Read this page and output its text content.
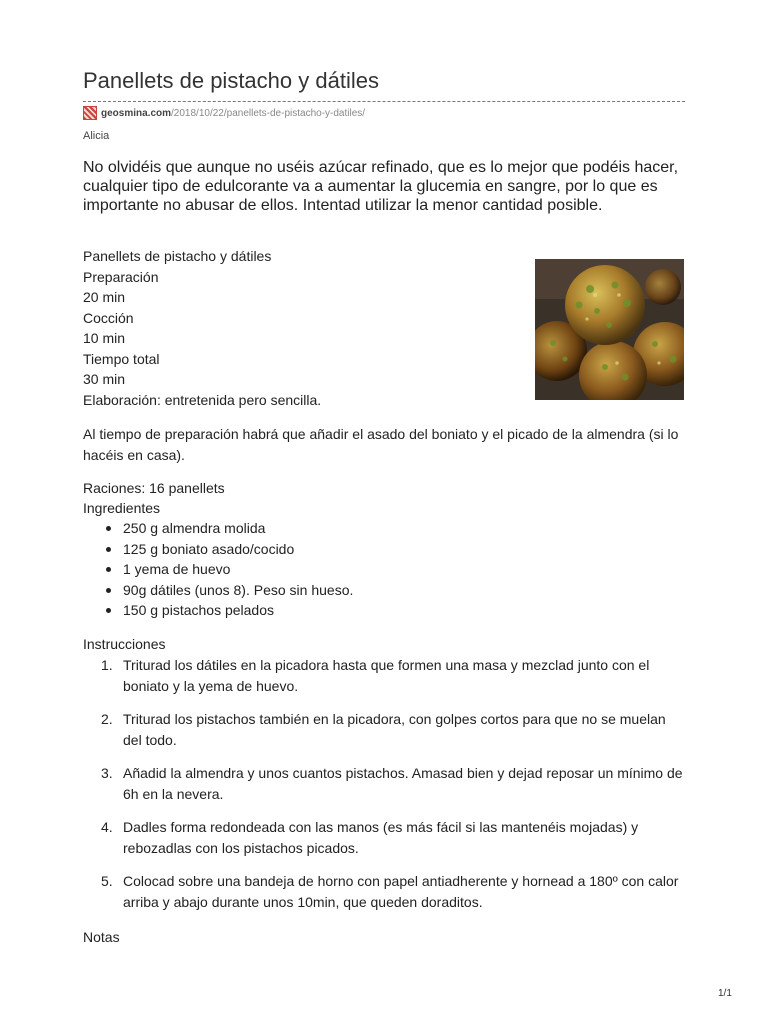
Panellets de pistacho y dátiles
geosmina.com /2018/10/22/panellets-de-pistacho-y-datiles/
Alicia

No olvidéis que aunque no uséis azúcar refinado, que es lo mejor que podéis hacer, cualquier tipo de edulcorante va a aumentar la glucemia en sangre, por lo que es importante no abusar de ellos. Intentad utilizar la menor cantidad posible.

Panellets de pistacho y dátiles
Preparación
20 min
Cocción
10 min
Tiempo total
30 min
Elaboración: entretenida pero sencilla.

Al tiempo de preparación habrá que añadir el asado del boniato y el picado de la almendra (si lo hacéis en casa).

Raciones: 16 panellets

Ingredientes
250 g almendra molida
125 g boniato asado/cocido
1 yema de huevo
90g dátiles (unos 8). Peso sin hueso.
150 g pistachos pelados
Instrucciones
1. Triturad los dátiles en la picadora hasta que formen una masa y mezclad junto con el boniato y la yema de huevo.
2. Triturad los pistachos también en la picadora, con golpes cortos para que no se muelan del todo.
3. Añadid la almendra y unos cuantos pistachos. Amasad bien y dejad reposar un mínimo de 6h en la nevera.
4. Dadles forma redondeada con las manos (es más fácil si las mantenéis mojadas) y rebozadlas con los pistachos picados.
5. Colocad sobre una bandeja de horno con papel antiadherente y hornead a 180º con calor arriba y abajo durante unos 10min, que queden doraditos.
Notas
1/1
